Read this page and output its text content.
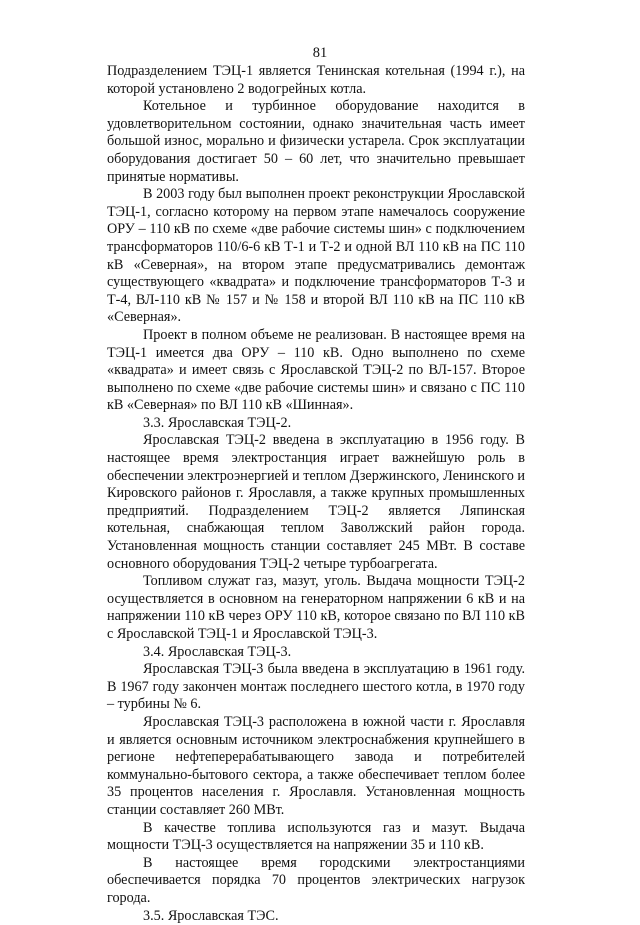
81

Подразделением ТЭЦ-1 является Тенинская котельная (1994 г.), на которой установлено 2 водогрейных котла.

Котельное и турбинное оборудование находится в удовлетворительном состоянии, однако значительная часть имеет большой износ, морально и физически устарела. Срок эксплуатации оборудования достигает 50 – 60 лет, что значительно превышает принятые нормативы.

В 2003 году был выполнен проект реконструкции Ярославской ТЭЦ-1, согласно которому на первом этапе намечалось сооружение ОРУ – 110 кВ по схеме «две рабочие системы шин» с подключением трансформаторов 110/6-6 кВ Т-1 и Т-2 и одной ВЛ 110 кВ на ПС 110 кВ «Северная», на втором этапе предусматривались демонтаж существующего «квадрата» и подключение трансформаторов Т-3 и Т-4, ВЛ-110 кВ № 157 и № 158 и второй ВЛ 110 кВ на ПС 110 кВ «Северная».

Проект в полном объеме не реализован. В настоящее время на ТЭЦ-1 имеется два ОРУ – 110 кВ. Одно выполнено по схеме «квадрата» и имеет связь с Ярославской ТЭЦ-2 по ВЛ-157. Второе выполнено по схеме «две рабочие системы шин» и связано с ПС 110 кВ «Северная» по ВЛ 110 кВ «Шинная».

3.3. Ярославская ТЭЦ-2.

Ярославская ТЭЦ-2 введена в эксплуатацию в 1956 году. В настоящее время электростанция играет важнейшую роль в обеспечении электроэнергией и теплом Дзержинского, Ленинского и Кировского районов г. Ярославля, а также крупных промышленных предприятий. Подразделением ТЭЦ-2 является Ляпинская котельная, снабжающая теплом Заволжский район города. Установленная мощность станции составляет 245 МВт. В составе основного оборудования ТЭЦ-2 четыре турбоагрегата.

Топливом служат газ, мазут, уголь. Выдача мощности ТЭЦ-2 осуществляется в основном на генераторном напряжении 6 кВ и на напряжении 110 кВ через ОРУ 110 кВ, которое связано по ВЛ 110 кВ с Ярославской ТЭЦ-1 и Ярославской ТЭЦ-3.

3.4. Ярославская ТЭЦ-3.

Ярославская ТЭЦ-3 была введена в эксплуатацию в 1961 году. В 1967 году закончен монтаж последнего шестого котла, в 1970 году – турбины № 6.

Ярославская ТЭЦ-3 расположена в южной части г. Ярославля и является основным источником электроснабжения крупнейшего в регионе нефтеперерабатывающего завода и потребителей коммунально-бытового сектора, а также обеспечивает теплом более 35 процентов населения г. Ярославля. Установленная мощность станции составляет 260 МВт.

В качестве топлива используются газ и мазут. Выдача мощности ТЭЦ-3 осуществляется на напряжении 35 и 110 кВ.

В настоящее время городскими электростанциями обеспечивается порядка 70 процентов электрических нагрузок города.

3.5. Ярославская ТЭС.
